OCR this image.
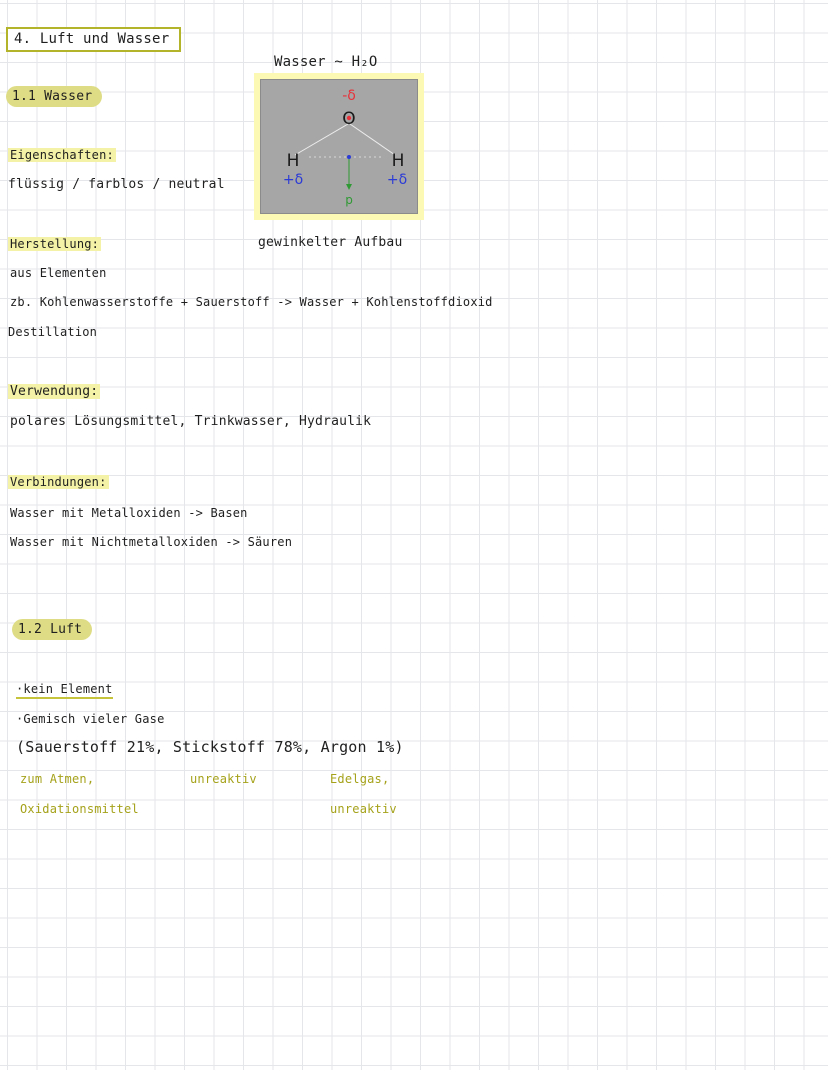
4. Luft und Wasser
1.1 Wasser
Wasser ~ H₂O
O
-δ
H
+δ
H
+δ
p
gewinkelter Aufbau
Eigenschaften:
flüssig / farblos / neutral
Herstellung:
aus Elementen
zb. Kohlenwasserstoffe + Sauerstoff -> Wasser + Kohlenstoffdioxid
Destillation
Verwendung:
polares Lösungsmittel, Trinkwasser, Hydraulik
Verbindungen:
Wasser mit Metalloxiden -> Basen
Wasser mit Nichtmetalloxiden -> Säuren
1.2 Luft
·kein Element
·Gemisch vieler Gase
(Sauerstoff 21%, Stickstoff 78%, Argon 1%)
zum Atmen,
Oxidationsmittel
unreaktiv	Edelgas,
unreaktiv
